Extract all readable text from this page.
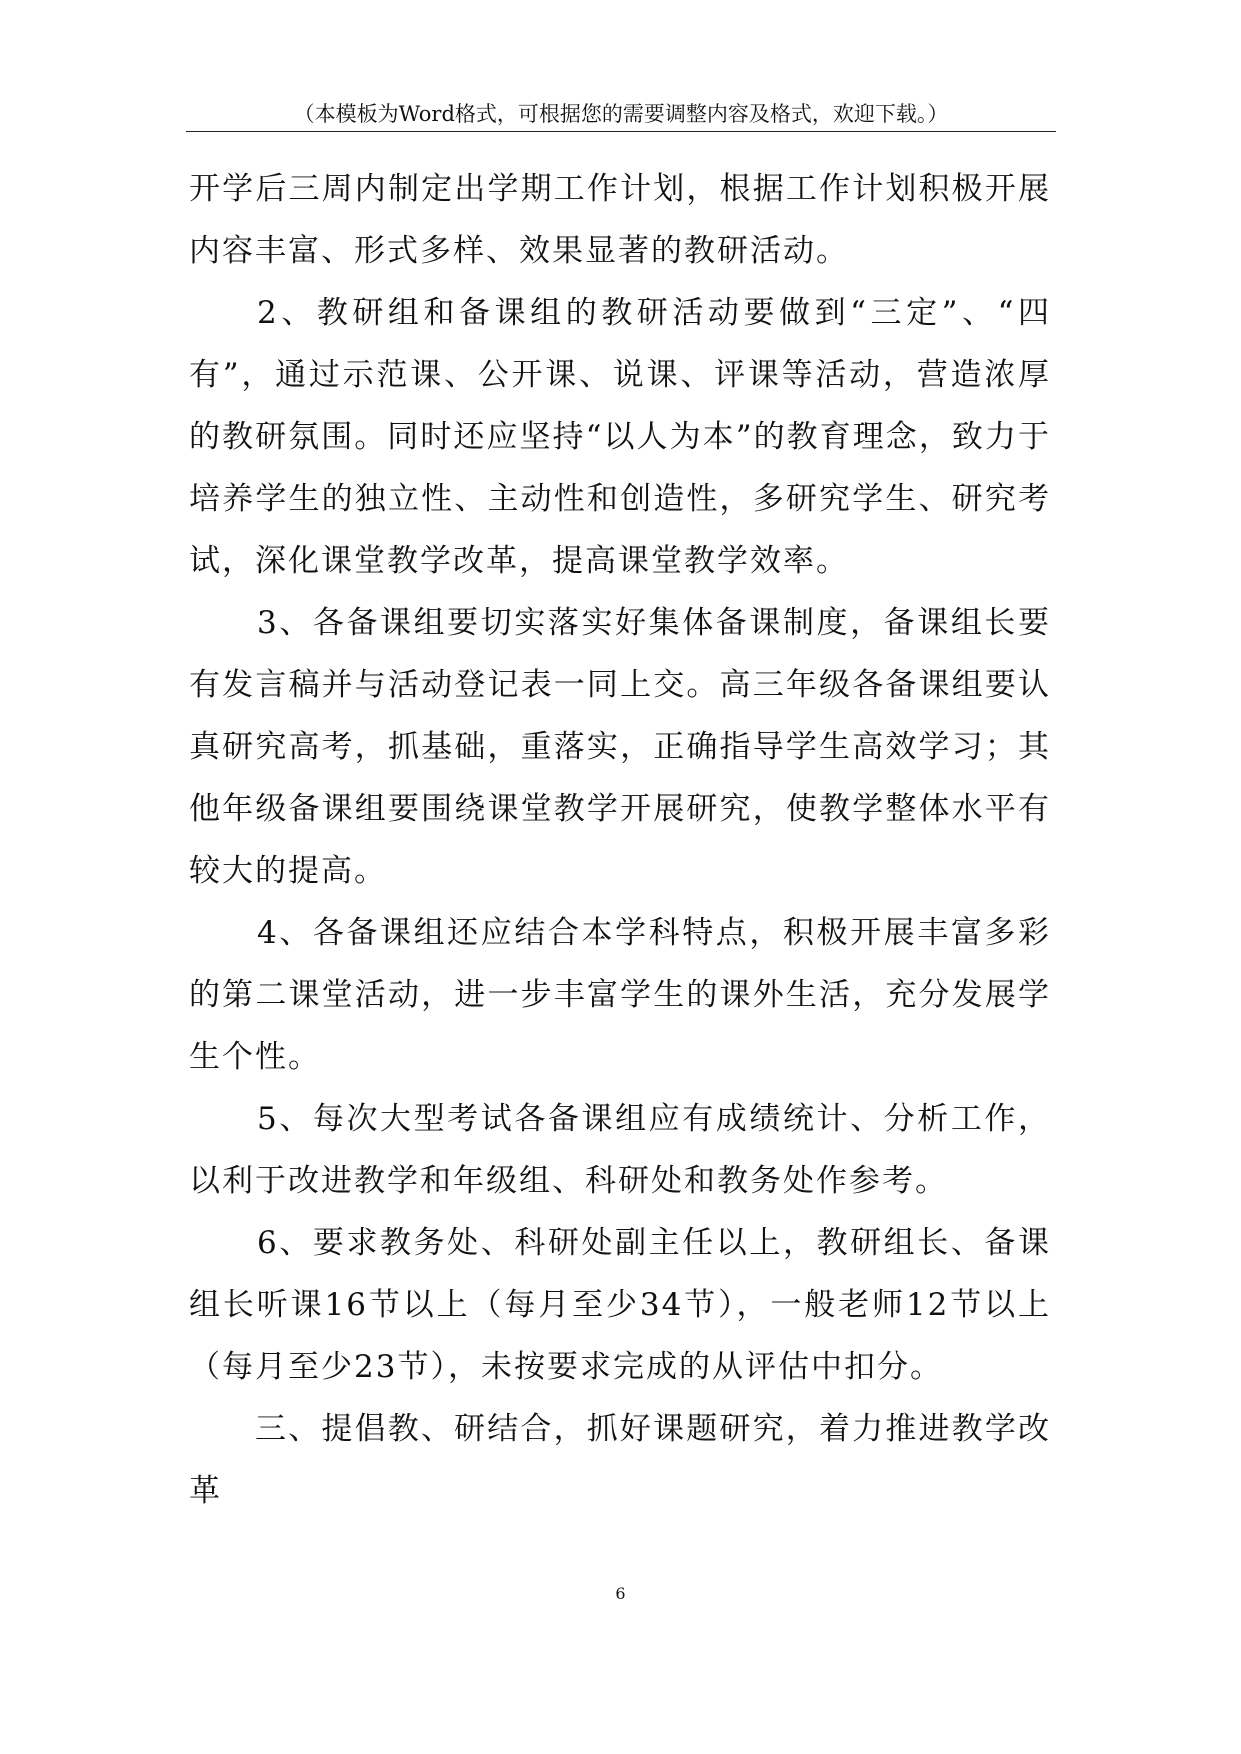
（本模板为Word格式，可根据您的需要调整内容及格式，欢迎下载。）

开学后三周内制定出学期工作计划，根据工作计划积极开展内容丰富、形式多样、效果显著的教研活动。

2、教研组和备课组的教研活动要做到“三定”、“四有”，通过示范课、公开课、说课、评课等活动，营造浓厚的教研氛围。同时还应坚持“以人为本”的教育理念，致力于培养学生的独立性、主动性和创造性，多研究学生、研究考试，深化课堂教学改革，提高课堂教学效率。

3、各备课组要切实落实好集体备课制度，备课组长要有发言稿并与活动登记表一同上交。高三年级各备课组要认真研究高考，抓基础，重落实，正确指导学生高效学习；其他年级备课组要围绕课堂教学开展研究，使教学整体水平有较大的提高。

4、各备课组还应结合本学科特点，积极开展丰富多彩的第二课堂活动，进一步丰富学生的课外生活，充分发展学生个性。

5、每次大型考试各备课组应有成绩统计、分析工作，以利于改进教学和年级组、科研处和教务处作参考。

6、要求教务处、科研处副主任以上，教研组长、备课组长听课16节以上（每月至少34节），一般老师12节以上（每月至少23节），未按要求完成的从评估中扣分。

三、提倡教、研结合，抓好课题研究，着力推进教学改革

6
